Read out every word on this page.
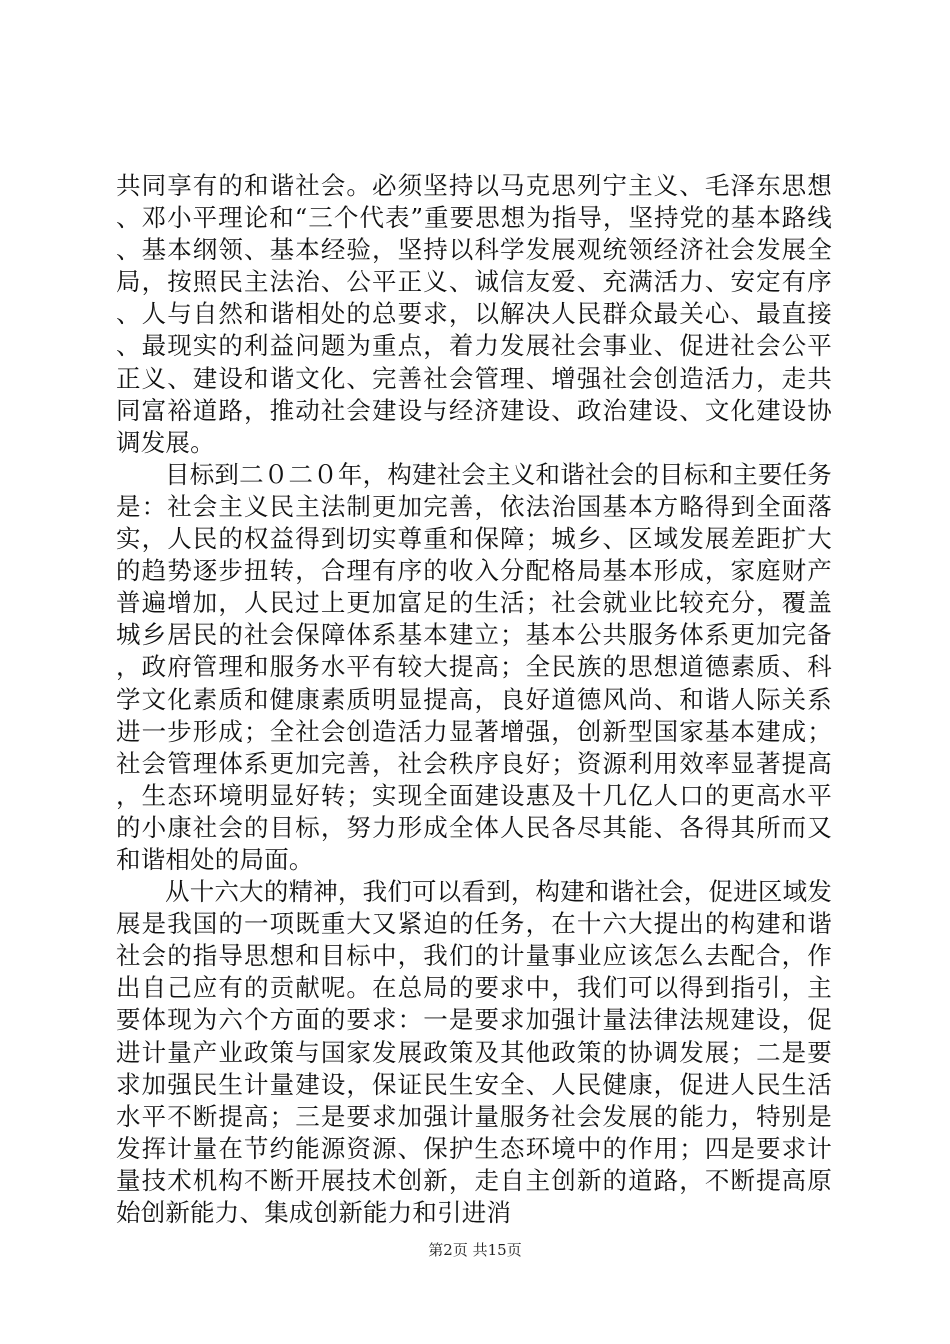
共同享有的和谐社会。必须坚持以马克思列宁主义、毛泽东思想、邓小平理论和“三个代表”重要思想为指导，坚持党的基本路线、基本纲领、基本经验，坚持以科学发展观统领经济社会发展全局，按照民主法治、公平正义、诚信友爱、充满活力、安定有序、人与自然和谐相处的总要求，以解决人民群众最关心、最直接、最现实的利益问题为重点，着力发展社会事业、促进社会公平正义、建设和谐文化、完善社会管理、增强社会创造活力，走共同富裕道路，推动社会建设与经济建设、政治建设、文化建设协调发展。

目标到二０二０年，构建社会主义和谐社会的目标和主要任务是：社会主义民主法制更加完善，依法治国基本方略得到全面落实，人民的权益得到切实尊重和保障；城乡、区域发展差距扩大的趋势逐步扭转，合理有序的收入分配格局基本形成，家庭财产普遍增加，人民过上更加富足的生活；社会就业比较充分，覆盖城乡居民的社会保障体系基本建立；基本公共服务体系更加完备，政府管理和服务水平有较大提高；全民族的思想道德素质、科学文化素质和健康素质明显提高，良好道德风尚、和谐人际关系进一步形成；全社会创造活力显著增强，创新型国家基本建成；社会管理体系更加完善，社会秩序良好；资源利用效率显著提高，生态环境明显好转；实现全面建设惠及十几亿人口的更高水平的小康社会的目标，努力形成全体人民各尽其能、各得其所而又和谐相处的局面。

从十六大的精神，我们可以看到，构建和谐社会，促进区域发展是我国的一项既重大又紧迫的任务，在十六大提出的构建和谐社会的指导思想和目标中，我们的计量事业应该怎么去配合，作出自己应有的贡献呢。在总局的要求中，我们可以得到指引，主要体现为六个方面的要求：一是要求加强计量法律法规建设，促进计量产业政策与国家发展政策及其他政策的协调发展；二是要求加强民生计量建设，保证民生安全、人民健康，促进人民生活水平不断提高；三是要求加强计量服务社会发展的能力，特别是发挥计量在节约能源资源、保护生态环境中的作用；四是要求计量技术机构不断开展技术创新，走自主创新的道路，不断提高原始创新能力、集成创新能力和引进消

第2页 共15页
